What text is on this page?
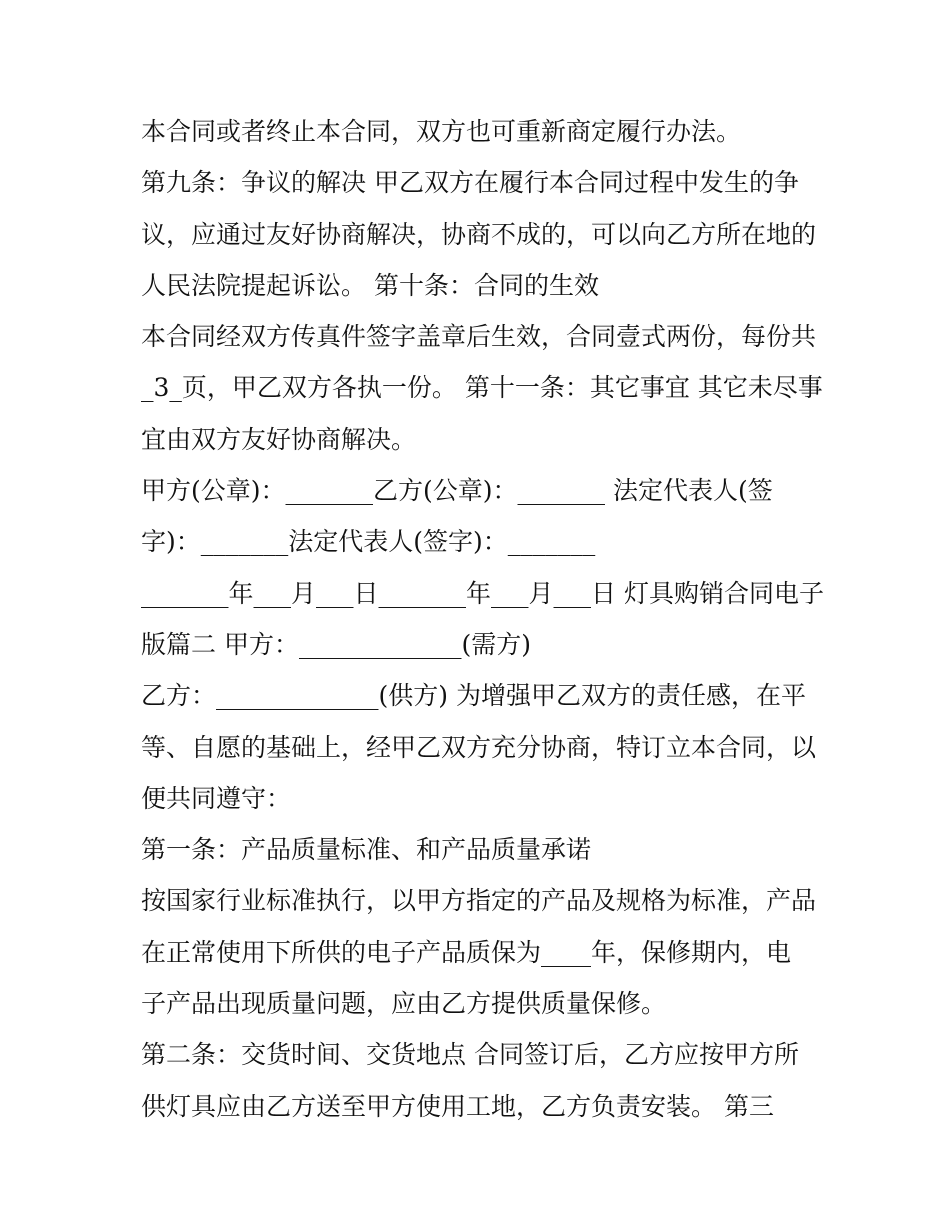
本合同或者终止本合同，双方也可重新商定履行办法。
第九条：争议的解决 甲乙双方在履行本合同过程中发生的争
议，应通过友好协商解决，协商不成的，可以向乙方所在地的
人民法院提起诉讼。 第十条：合同的生效
本合同经双方传真件签字盖章后生效，合同壹式两份，每份共
_3_页，甲乙双方各执一份。 第十一条：其它事宜 其它未尽事
宜由双方友好协商解决。
甲方(公章)：_______乙方(公章)：_______ 法定代表人(签
字)：_______法定代表人(签字)：_______
_______年___月___日_______年___月___日 灯具购销合同电子
版篇二 甲方：_____________(需方)
乙方：_____________(供方) 为增强甲乙双方的责任感，在平
等、自愿的基础上，经甲乙双方充分协商，特订立本合同，以
便共同遵守：
第一条：产品质量标准、和产品质量承诺
按国家行业标准执行，以甲方指定的产品及规格为标准，产品
在正常使用下所供的电子产品质保为____年，保修期内，电
子产品出现质量问题，应由乙方提供质量保修。
第二条：交货时间、交货地点 合同签订后，乙方应按甲方所
供灯具应由乙方送至甲方使用工地，乙方负责安装。 第三
